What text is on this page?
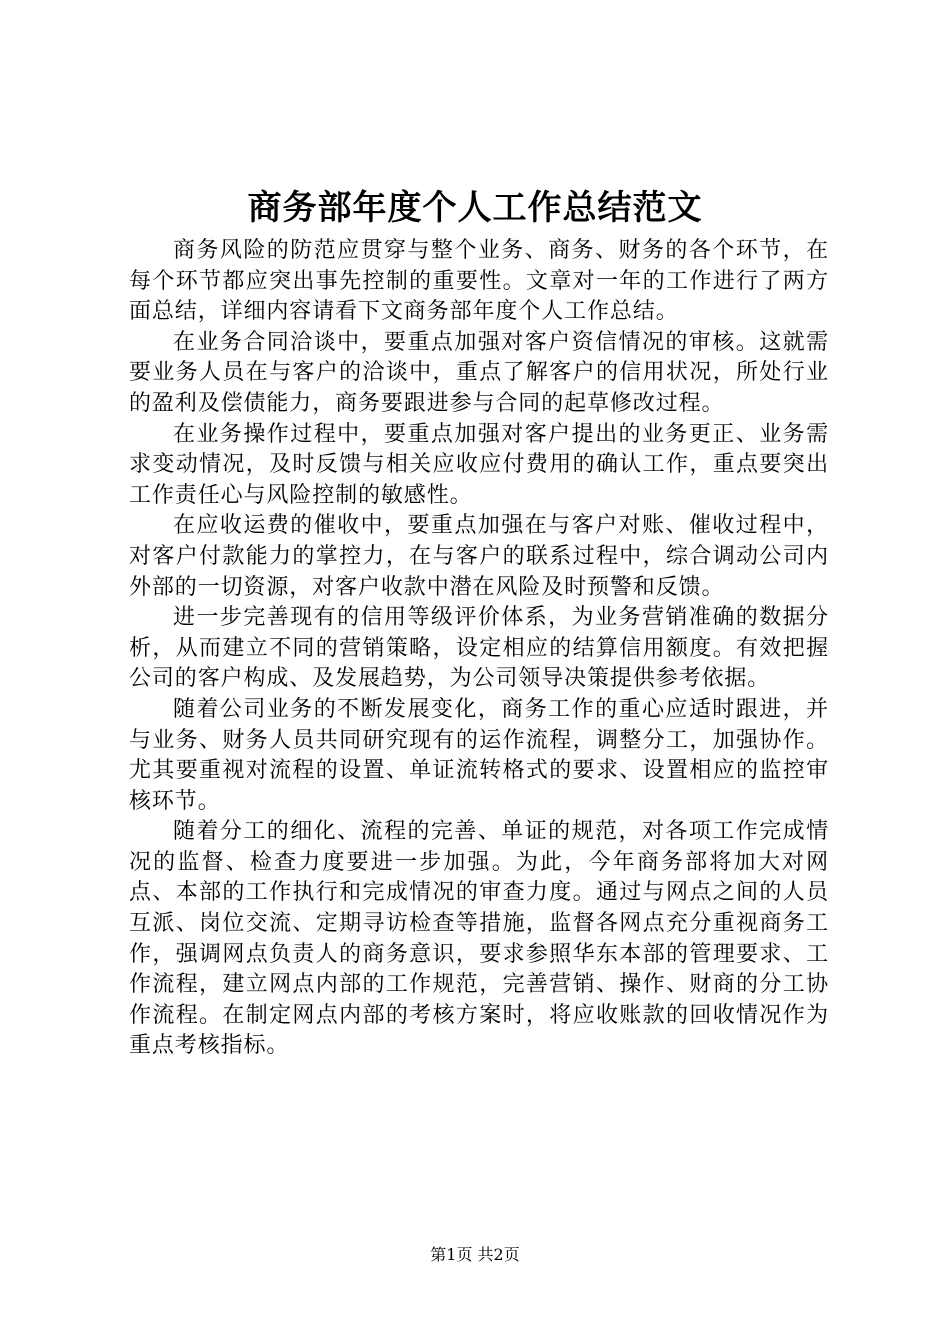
商务部年度个人工作总结范文

商务风险的防范应贯穿与整个业务、商务、财务的各个环节，在每个环节都应突出事先控制的重要性。文章对一年的工作进行了两方面总结，详细内容请看下文商务部年度个人工作总结。

在业务合同洽谈中，要重点加强对客户资信情况的审核。这就需要业务人员在与客户的洽谈中，重点了解客户的信用状况，所处行业的盈利及偿债能力，商务要跟进参与合同的起草修改过程。

在业务操作过程中，要重点加强对客户提出的业务更正、业务需求变动情况，及时反馈与相关应收应付费用的确认工作，重点要突出工作责任心与风险控制的敏感性。

在应收运费的催收中，要重点加强在与客户对账、催收过程中，对客户付款能力的掌控力，在与客户的联系过程中，综合调动公司内外部的一切资源，对客户收款中潜在风险及时预警和反馈。

进一步完善现有的信用等级评价体系，为业务营销准确的数据分析，从而建立不同的营销策略，设定相应的结算信用额度。有效把握公司的客户构成、及发展趋势，为公司领导决策提供参考依据。

随着公司业务的不断发展变化，商务工作的重心应适时跟进，并与业务、财务人员共同研究现有的运作流程，调整分工，加强协作。尤其要重视对流程的设置、单证流转格式的要求、设置相应的监控审核环节。

随着分工的细化、流程的完善、单证的规范，对各项工作完成情况的监督、检查力度要进一步加强。为此，今年商务部将加大对网点、本部的工作执行和完成情况的审查力度。通过与网点之间的人员互派、岗位交流、定期寻访检查等措施，监督各网点充分重视商务工作，强调网点负责人的商务意识，要求参照华东本部的管理要求、工作流程，建立网点内部的工作规范，完善营销、操作、财商的分工协作流程。在制定网点内部的考核方案时，将应收账款的回收情况作为重点考核指标。

第1页 共2页
